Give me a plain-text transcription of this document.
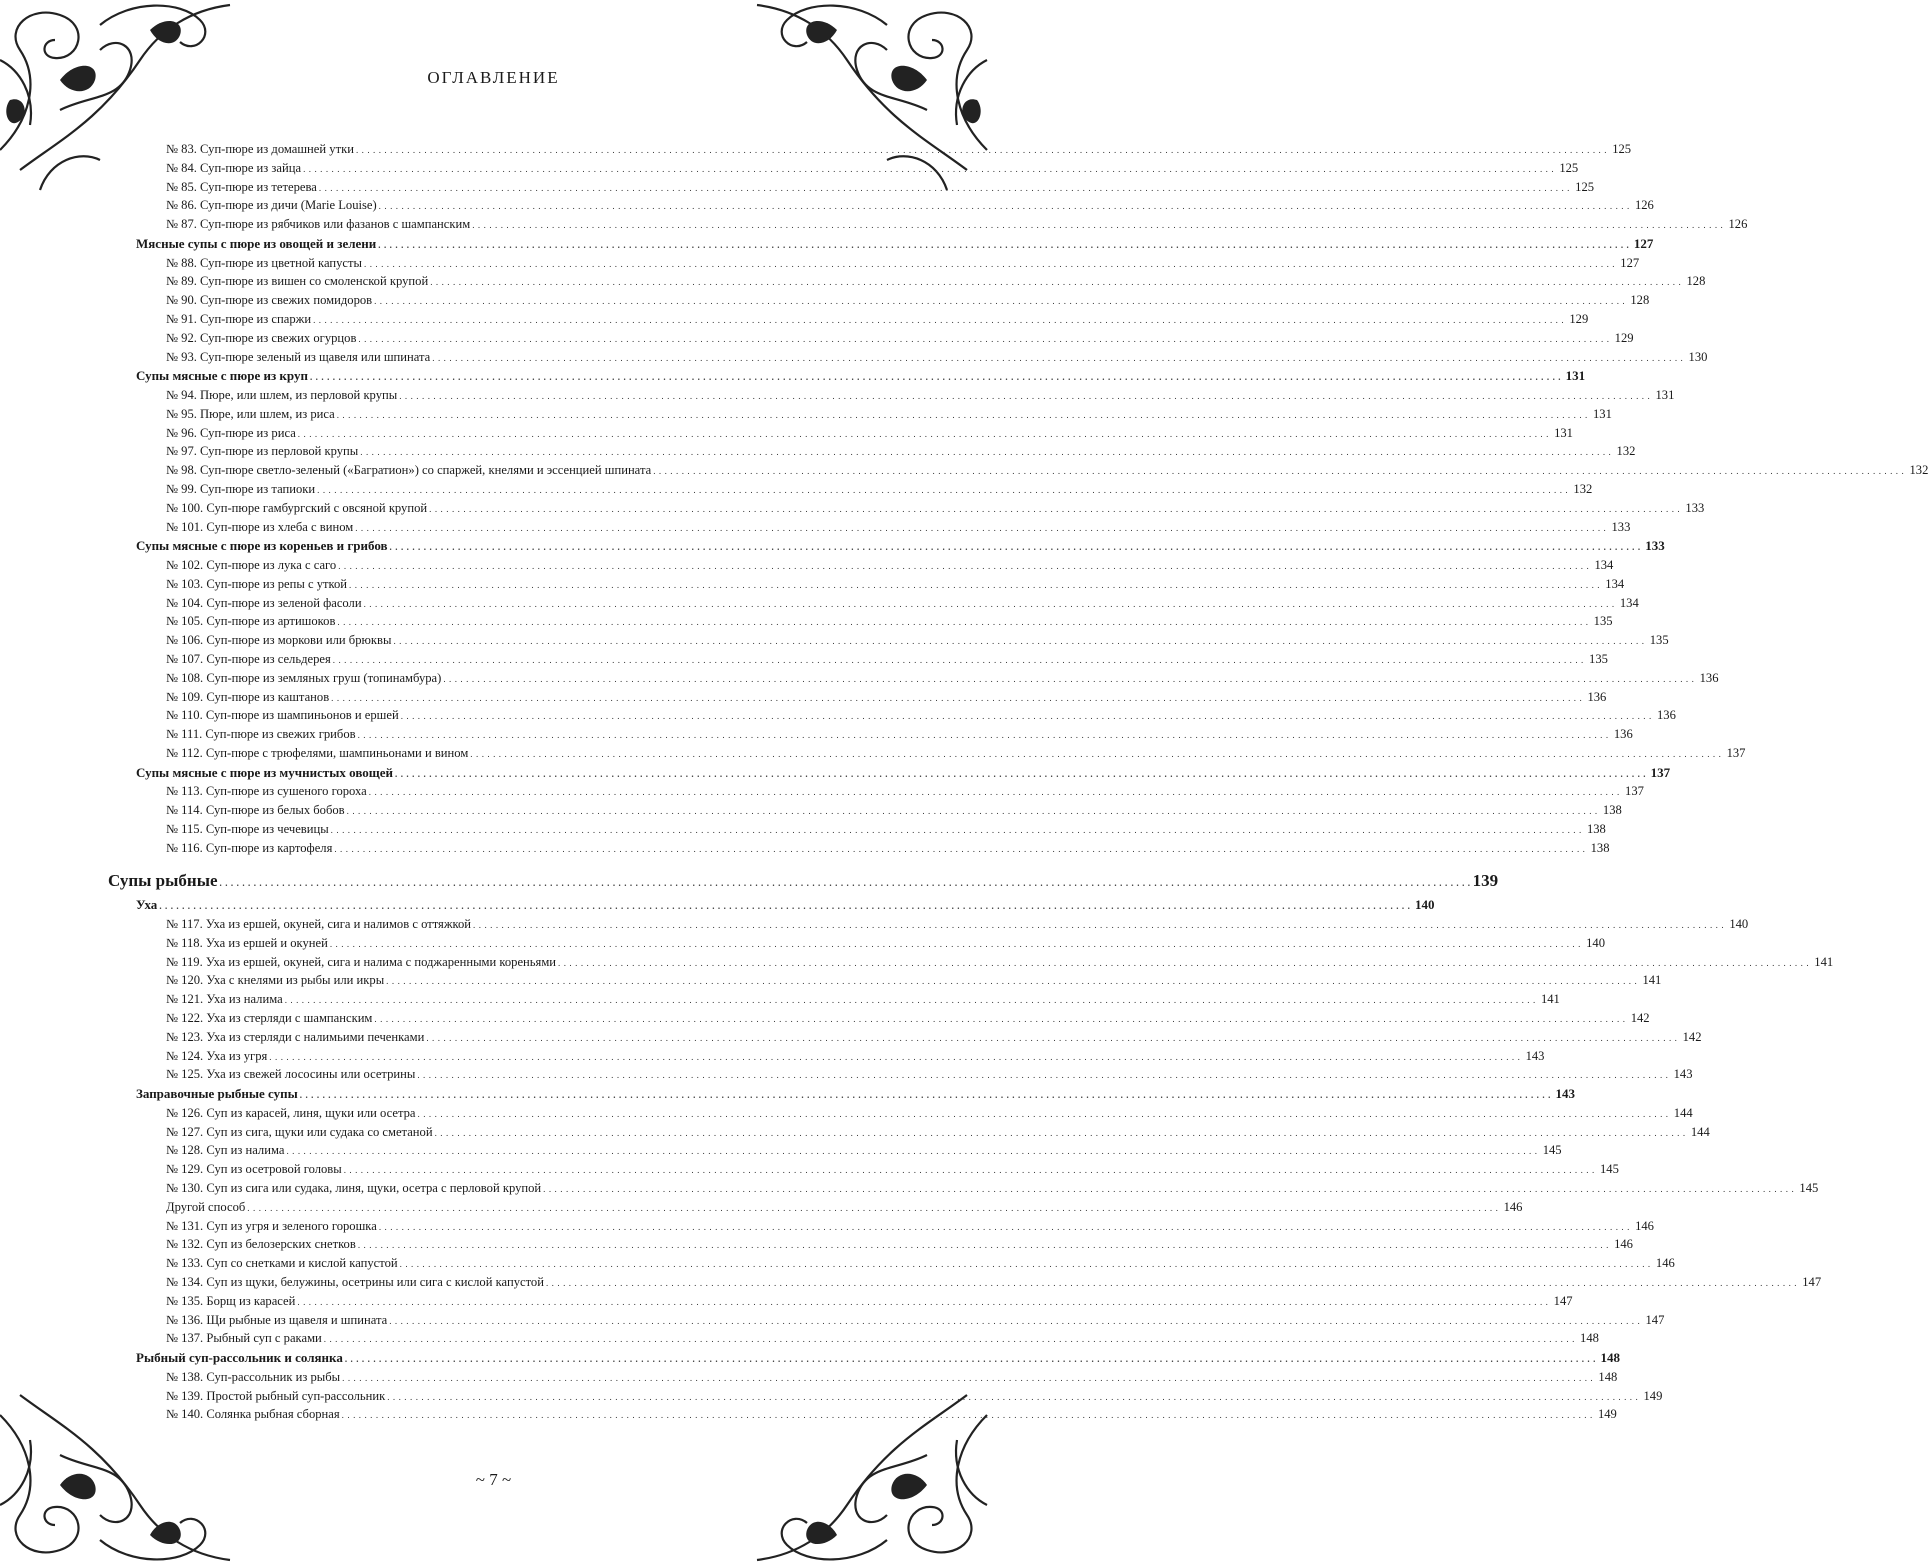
ОГЛАВЛЕНИЕ
№ 83. Суп-пюре из домашней утки . . . . . . . . . . . . . . . . . . . . . . . . . . . . . . . . . . . . . . . . . . . . . . . . . . . . . . . . . . . . . . . . . . . . . . . . . . . . . . . . . . . . . . . . . . . . . . . . . . . . . . . . . . . . . . . . . . . . . . . . . . . . . . . . . . . . . . . . . . . . . . . . . . . . . . . . . . . . . . . . . . . . . . . . . . . . . . . . . . . . . . . . . . . . . . . . . . . . . . . . . . . . . . . . . . . . . . . . . . . . 125
№ 84. Суп-пюре из зайца . . . . . . . . . . . . . . . . . . . . . . . . . . . . . . . . . . . . . . . . . . . . . . . . . . . . . . . . . . . . . . . . . . . . . . . . . . . . . . . . . . . . . . . . . . . . . . . . . . . . . . . . . . . . . . . . . . . . . . . . . . . . . . . . . . . . . . . . . . . . . . . . . . . . . . . . . . . . . . . . . . . . . . . . . . . . . . . . . . . . . . . . . . . . . . . . . . . . . . . . . . . . . . . . . . . . . . . . . . . . 125
№ 85. Суп-пюре из тетерева . . . . . . . . . . . . . . . . . . . . . . . . . . . . . . . . . . . . . . . . . . . . . . . . . . . . . . . . . . . . . . . . . . . . . . . . . . . . . . . . . . . . . . . . . . . . . . . . . . . . . . . . . . . . . . . . . . . . . . . . . . . . . . . . . . . . . . . . . . . . . . . . . . . . . . . . . . . . . . . . . . . . . . . . . . . . . . . . . . . . . . . . . . . . . . . . . . . . . . . . . . . . . . . . . . . . . . . . . . . . 125
№ 86. Суп-пюре из дичи (Marie Louise) . . . . . . . . . . . . . . . . . . . . . . . . . . . . . . . . . . . . . . . . . . . . . . . . . . . . . . . . . . . . . . . . . . . . . . . . . . . . . . . . . . . . . . . . . . . . . . . . . . . . . . . . . . . . . . . . . . . . . . . . . . . . . . . . . . . . . . . . . . . . . . . . . . . . . . . . . . . . . . . . . . . . . . . . . . . . . . . . . . . . . . . . . . . . . . . . . . . . . . . . . . . . . . . . . . . . . . . . . . . . 126
№ 87. Суп-пюре из рябчиков или фазанов с шампанским . . . . . . . . . . . . . . . . . . . . . . . . . . . . . . . . . . . . . . . . . . . . . . . . . . . . . . . . . . . . . . . . . . . . . . . . . . . . . . . . . . . . . . . . . . . . . . . . . . . . . . . . . . . . . . . . . . . . . . . . . . . . . . . . . . . . . . . . . . . . . . . . . . . . . . . . . . . . . . . . . . . . . . . . . . . . . . . . . . . . . . . . . . . . . . . . . . . . . . . . . . . . . . . . . . . . . . . . . . . . 126
Мясные супы с пюре из овощей и зелени . . . . . . . . . . . . . . . . . . . . . . . . . . . . . . . . . . . . . . . . . . . . . . . . . . . . . . . . . . . . . . . . . . . . . . . . . . . . . . . . . . . . . . . . . . . . . . . . . . . . . . . . . . . . . . . . . . . . . . . . . . . . . . . . . . . . . . . . . . . . . . . . . . . . . . . . . . . . . . . . . . . . . . . . . . . . . . . . . . . . . . . . . . . . . . . . . . . . . . . . . . . . . . . . . . . . . . . . . . . . 127
№ 88. Суп-пюре из цветной капусты . . . . . . . . . . . . . . . . . . . . . . . . . . . . . . . . . . . . . . . . . . . . . . . . . . . . . . . . . . . . . . . . . . . . . . . . . . . . . . . . . . . . . . . . . . . . . . . . . . . . . . . . . . . . . . . . . . . . . . . . . . . . . . . . . . . . . . . . . . . . . . . . . . . . . . . . . . . . . . . . . . . . . . . . . . . . . . . . . . . . . . . . . . . . . . . . . . . . . . . . . . . . . . . . . . . . . . . . . . . . 127
№ 89. Суп-пюре из вишен со смоленской крупой . . . . . . . . . . . . . . . . . . . . . . . . . . . . . . . . . . . . . . . . . . . . . . . . . . . . . . . . . . . . . . . . . . . . . . . . . . . . . . . . . . . . . . . . . . . . . . . . . . . . . . . . . . . . . . . . . . . . . . . . . . . . . . . . . . . . . . . . . . . . . . . . . . . . . . . . . . . . . . . . . . . . . . . . . . . . . . . . . . . . . . . . . . . . . . . . . . . . . . . . . . . . . . . . . . . . . . . . . . . . 128
№ 90. Суп-пюре из свежих помидоров . . . . . . . . . . . . . . . . . . . . . . . . . . . . . . . . . . . . . . . . . . . . . . . . . . . . . . . . . . . . . . . . . . . . . . . . . . . . . . . . . . . . . . . . . . . . . . . . . . . . . . . . . . . . . . . . . . . . . . . . . . . . . . . . . . . . . . . . . . . . . . . . . . . . . . . . . . . . . . . . . . . . . . . . . . . . . . . . . . . . . . . . . . . . . . . . . . . . . . . . . . . . . . . . . . . . . . . . . . . . 128
№ 91. Суп-пюре из спаржи . . . . . . . . . . . . . . . . . . . . . . . . . . . . . . . . . . . . . . . . . . . . . . . . . . . . . . . . . . . . . . . . . . . . . . . . . . . . . . . . . . . . . . . . . . . . . . . . . . . . . . . . . . . . . . . . . . . . . . . . . . . . . . . . . . . . . . . . . . . . . . . . . . . . . . . . . . . . . . . . . . . . . . . . . . . . . . . . . . . . . . . . . . . . . . . . . . . . . . . . . . . . . . . . . . . . . . . . . . . . 129
№ 92. Суп-пюре из свежих огурцов . . . . . . . . . . . . . . . . . . . . . . . . . . . . . . . . . . . . . . . . . . . . . . . . . . . . . . . . . . . . . . . . . . . . . . . . . . . . . . . . . . . . . . . . . . . . . . . . . . . . . . . . . . . . . . . . . . . . . . . . . . . . . . . . . . . . . . . . . . . . . . . . . . . . . . . . . . . . . . . . . . . . . . . . . . . . . . . . . . . . . . . . . . . . . . . . . . . . . . . . . . . . . . . . . . . . . . . . . . . . 129
№ 93. Суп-пюре зеленый из щавеля или шпината . . . . . . . . . . . . . . . . . . . . . . . . . . . . . . . . . . . . . . . . . . . . . . . . . . . . . . . . . . . . . . . . . . . . . . . . . . . . . . . . . . . . . . . . . . . . . . . . . . . . . . . . . . . . . . . . . . . . . . . . . . . . . . . . . . . . . . . . . . . . . . . . . . . . . . . . . . . . . . . . . . . . . . . . . . . . . . . . . . . . . . . . . . . . . . . . . . . . . . . . . . . . . . . . . . . . . . . . . . . . 130
Супы мясные с пюре из круп . . . . . . . . . . . . . . . . . . . . . . . . . . . . . . . . . . . . . . . . . . . . . . . . . . . . . . . . . . . . . . . . . . . . . . . . . . . . . . . . . . . . . . . . . . . . . . . . . . . . . . . . . . . . . . . . . . . . . . . . . . . . . . . . . . . . . . . . . . . . . . . . . . . . . . . . . . . . . . . . . . . . . . . . . . . . . . . . . . . . . . . . . . . . . . . . . . . . . . . . . . . . . . . . . . . . . . . . . . . . 131
№ 94. Пюре, или шлем, из перловой крупы . . . . . . . . . . . . . . . . . . . . . . . . . . . . . . . . . . . . . . . . . . . . . . . . . . . . . . . . . . . . . . . . . . . . . . . . . . . . . . . . . . . . . . . . . . . . . . . . . . . . . . . . . . . . . . . . . . . . . . . . . . . . . . . . . . . . . . . . . . . . . . . . . . . . . . . . . . . . . . . . . . . . . . . . . . . . . . . . . . . . . . . . . . . . . . . . . . . . . . . . . . . . . . . . . . . . . . . . . . . . 131
№ 95. Пюре, или шлем, из риса . . . . . . . . . . . . . . . . . . . . . . . . . . . . . . . . . . . . . . . . . . . . . . . . . . . . . . . . . . . . . . . . . . . . . . . . . . . . . . . . . . . . . . . . . . . . . . . . . . . . . . . . . . . . . . . . . . . . . . . . . . . . . . . . . . . . . . . . . . . . . . . . . . . . . . . . . . . . . . . . . . . . . . . . . . . . . . . . . . . . . . . . . . . . . . . . . . . . . . . . . . . . . . . . . . . . . . . . . . . . 131
№ 96. Суп-пюре из риса . . . . . . . . . . . . . . . . . . . . . . . . . . . . . . . . . . . . . . . . . . . . . . . . . . . . . . . . . . . . . . . . . . . . . . . . . . . . . . . . . . . . . . . . . . . . . . . . . . . . . . . . . . . . . . . . . . . . . . . . . . . . . . . . . . . . . . . . . . . . . . . . . . . . . . . . . . . . . . . . . . . . . . . . . . . . . . . . . . . . . . . . . . . . . . . . . . . . . . . . . . . . . . . . . . . . . . . . . . . . 131
№ 97. Суп-пюре из перловой крупы . . . . . . . . . . . . . . . . . . . . . . . . . . . . . . . . . . . . . . . . . . . . . . . . . . . . . . . . . . . . . . . . . . . . . . . . . . . . . . . . . . . . . . . . . . . . . . . . . . . . . . . . . . . . . . . . . . . . . . . . . . . . . . . . . . . . . . . . . . . . . . . . . . . . . . . . . . . . . . . . . . . . . . . . . . . . . . . . . . . . . . . . . . . . . . . . . . . . . . . . . . . . . . . . . . . . . . . . . . . . 132
№ 98. Суп-пюре светло-зеленый («Багратион») со спаржей, кнелями и эссенцией шпината . . . . . . . . . . . . . . . . . . . . . . . . . . . . . . . . . . . . . . . . . . . . . . . . . . . . . . . . . . . . . . . . . . . . . . . . . . . . . . . . . . . . . . . . . . . . . . . . . . . . . . . . . . . . . . . . . . . . . . . . . . . . . . . . . . . . . . . . . . . . . . . . . . . . . . . . . . . . . . . . . . . . . . . . . . . . . . . . . . . . . . . . . . . . . . . . . . . . . . . . . . . . . . . . . . . . . . . . . . . . 132
№ 99. Суп-пюре из тапиоки . . . . . . . . . . . . . . . . . . . . . . . . . . . . . . . . . . . . . . . . . . . . . . . . . . . . . . . . . . . . . . . . . . . . . . . . . . . . . . . . . . . . . . . . . . . . . . . . . . . . . . . . . . . . . . . . . . . . . . . . . . . . . . . . . . . . . . . . . . . . . . . . . . . . . . . . . . . . . . . . . . . . . . . . . . . . . . . . . . . . . . . . . . . . . . . . . . . . . . . . . . . . . . . . . . . . . . . . . . . . 132
№ 100. Суп-пюре гамбургский с овсяной крупой . . . . . . . . . . . . . . . . . . . . . . . . . . . . . . . . . . . . . . . . . . . . . . . . . . . . . . . . . . . . . . . . . . . . . . . . . . . . . . . . . . . . . . . . . . . . . . . . . . . . . . . . . . . . . . . . . . . . . . . . . . . . . . . . . . . . . . . . . . . . . . . . . . . . . . . . . . . . . . . . . . . . . . . . . . . . . . . . . . . . . . . . . . . . . . . . . . . . . . . . . . . . . . . . . . . . . . . . . . . . 133
№ 101. Суп-пюре из хлеба с вином . . . . . . . . . . . . . . . . . . . . . . . . . . . . . . . . . . . . . . . . . . . . . . . . . . . . . . . . . . . . . . . . . . . . . . . . . . . . . . . . . . . . . . . . . . . . . . . . . . . . . . . . . . . . . . . . . . . . . . . . . . . . . . . . . . . . . . . . . . . . . . . . . . . . . . . . . . . . . . . . . . . . . . . . . . . . . . . . . . . . . . . . . . . . . . . . . . . . . . . . . . . . . . . . . . . . . . . . . . . . 133
Супы мясные с пюре из кореньев и грибов . . . . . . . . . . . . . . . . . . . . . . . . . . . . . . . . . . . . . . . . . . . . . . . . . . . . . . . . . . . . . . . . . . . . . . . . . . . . . . . . . . . . . . . . . . . . . . . . . . . . . . . . . . . . . . . . . . . . . . . . . . . . . . . . . . . . . . . . . . . . . . . . . . . . . . . . . . . . . . . . . . . . . . . . . . . . . . . . . . . . . . . . . . . . . . . . . . . . . . . . . . . . . . . . . . . . . . . . . . . . 133
№ 102. Суп-пюре из лука с саго . . . . . . . . . . . . . . . . . . . . . . . . . . . . . . . . . . . . . . . . . . . . . . . . . . . . . . . . . . . . . . . . . . . . . . . . . . . . . . . . . . . . . . . . . . . . . . . . . . . . . . . . . . . . . . . . . . . . . . . . . . . . . . . . . . . . . . . . . . . . . . . . . . . . . . . . . . . . . . . . . . . . . . . . . . . . . . . . . . . . . . . . . . . . . . . . . . . . . . . . . . . . . . . . . . . . . . . . . . . . 134
№ 103. Суп-пюре из репы с уткой . . . . . . . . . . . . . . . . . . . . . . . . . . . . . . . . . . . . . . . . . . . . . . . . . . . . . . . . . . . . . . . . . . . . . . . . . . . . . . . . . . . . . . . . . . . . . . . . . . . . . . . . . . . . . . . . . . . . . . . . . . . . . . . . . . . . . . . . . . . . . . . . . . . . . . . . . . . . . . . . . . . . . . . . . . . . . . . . . . . . . . . . . . . . . . . . . . . . . . . . . . . . . . . . . . . . . . . . . . . . 134
№ 104. Суп-пюре из зеленой фасоли . . . . . . . . . . . . . . . . . . . . . . . . . . . . . . . . . . . . . . . . . . . . . . . . . . . . . . . . . . . . . . . . . . . . . . . . . . . . . . . . . . . . . . . . . . . . . . . . . . . . . . . . . . . . . . . . . . . . . . . . . . . . . . . . . . . . . . . . . . . . . . . . . . . . . . . . . . . . . . . . . . . . . . . . . . . . . . . . . . . . . . . . . . . . . . . . . . . . . . . . . . . . . . . . . . . . . . . . . . . . 134
№ 105. Суп-пюре из артишоков . . . . . . . . . . . . . . . . . . . . . . . . . . . . . . . . . . . . . . . . . . . . . . . . . . . . . . . . . . . . . . . . . . . . . . . . . . . . . . . . . . . . . . . . . . . . . . . . . . . . . . . . . . . . . . . . . . . . . . . . . . . . . . . . . . . . . . . . . . . . . . . . . . . . . . . . . . . . . . . . . . . . . . . . . . . . . . . . . . . . . . . . . . . . . . . . . . . . . . . . . . . . . . . . . . . . . . . . . . . . 135
№ 106. Суп-пюре из моркови или брюквы . . . . . . . . . . . . . . . . . . . . . . . . . . . . . . . . . . . . . . . . . . . . . . . . . . . . . . . . . . . . . . . . . . . . . . . . . . . . . . . . . . . . . . . . . . . . . . . . . . . . . . . . . . . . . . . . . . . . . . . . . . . . . . . . . . . . . . . . . . . . . . . . . . . . . . . . . . . . . . . . . . . . . . . . . . . . . . . . . . . . . . . . . . . . . . . . . . . . . . . . . . . . . . . . . . . . . . . . . . . . 135
№ 107. Суп-пюре из сельдерея . . . . . . . . . . . . . . . . . . . . . . . . . . . . . . . . . . . . . . . . . . . . . . . . . . . . . . . . . . . . . . . . . . . . . . . . . . . . . . . . . . . . . . . . . . . . . . . . . . . . . . . . . . . . . . . . . . . . . . . . . . . . . . . . . . . . . . . . . . . . . . . . . . . . . . . . . . . . . . . . . . . . . . . . . . . . . . . . . . . . . . . . . . . . . . . . . . . . . . . . . . . . . . . . . . . . . . . . . . . . 135
№ 108. Суп-пюре из земляных груш (топинамбура) . . . . . . . . . . . . . . . . . . . . . . . . . . . . . . . . . . . . . . . . . . . . . . . . . . . . . . . . . . . . . . . . . . . . . . . . . . . . . . . . . . . . . . . . . . . . . . . . . . . . . . . . . . . . . . . . . . . . . . . . . . . . . . . . . . . . . . . . . . . . . . . . . . . . . . . . . . . . . . . . . . . . . . . . . . . . . . . . . . . . . . . . . . . . . . . . . . . . . . . . . . . . . . . . . . . . . . . . . . . . 136
№ 109. Суп-пюре из каштанов . . . . . . . . . . . . . . . . . . . . . . . . . . . . . . . . . . . . . . . . . . . . . . . . . . . . . . . . . . . . . . . . . . . . . . . . . . . . . . . . . . . . . . . . . . . . . . . . . . . . . . . . . . . . . . . . . . . . . . . . . . . . . . . . . . . . . . . . . . . . . . . . . . . . . . . . . . . . . . . . . . . . . . . . . . . . . . . . . . . . . . . . . . . . . . . . . . . . . . . . . . . . . . . . . . . . . . . . . . . . 136
№ 110. Суп-пюре из шампиньонов и ершей . . . . . . . . . . . . . . . . . . . . . . . . . . . . . . . . . . . . . . . . . . . . . . . . . . . . . . . . . . . . . . . . . . . . . . . . . . . . . . . . . . . . . . . . . . . . . . . . . . . . . . . . . . . . . . . . . . . . . . . . . . . . . . . . . . . . . . . . . . . . . . . . . . . . . . . . . . . . . . . . . . . . . . . . . . . . . . . . . . . . . . . . . . . . . . . . . . . . . . . . . . . . . . . . . . . . . . . . . . . . 136
№ 111. Суп-пюре из свежих грибов . . . . . . . . . . . . . . . . . . . . . . . . . . . . . . . . . . . . . . . . . . . . . . . . . . . . . . . . . . . . . . . . . . . . . . . . . . . . . . . . . . . . . . . . . . . . . . . . . . . . . . . . . . . . . . . . . . . . . . . . . . . . . . . . . . . . . . . . . . . . . . . . . . . . . . . . . . . . . . . . . . . . . . . . . . . . . . . . . . . . . . . . . . . . . . . . . . . . . . . . . . . . . . . . . . . . . . . . . . . . 136
№ 112. Суп-пюре с трюфелями, шампиньонами и вином . . . . . . . . . . . . . . . . . . . . . . . . . . . . . . . . . . . . . . . . . . . . . . . . . . . . . . . . . . . . . . . . . . . . . . . . . . . . . . . . . . . . . . . . . . . . . . . . . . . . . . . . . . . . . . . . . . . . . . . . . . . . . . . . . . . . . . . . . . . . . . . . . . . . . . . . . . . . . . . . . . . . . . . . . . . . . . . . . . . . . . . . . . . . . . . . . . . . . . . . . . . . . . . . . . . . . . . . . . . . 137
Супы мясные с пюре из мучнистых овощей . . . . . . . . . . . . . . . . . . . . . . . . . . . . . . . . . . . . . . . . . . . . . . . . . . . . . . . . . . . . . . . . . . . . . . . . . . . . . . . . . . . . . . . . . . . . . . . . . . . . . . . . . . . . . . . . . . . . . . . . . . . . . . . . . . . . . . . . . . . . . . . . . . . . . . . . . . . . . . . . . . . . . . . . . . . . . . . . . . . . . . . . . . . . . . . . . . . . . . . . . . . . . . . . . . . . . . . . . . . . 137
№ 113. Суп-пюре из сушеного гороха . . . . . . . . . . . . . . . . . . . . . . . . . . . . . . . . . . . . . . . . . . . . . . . . . . . . . . . . . . . . . . . . . . . . . . . . . . . . . . . . . . . . . . . . . . . . . . . . . . . . . . . . . . . . . . . . . . . . . . . . . . . . . . . . . . . . . . . . . . . . . . . . . . . . . . . . . . . . . . . . . . . . . . . . . . . . . . . . . . . . . . . . . . . . . . . . . . . . . . . . . . . . . . . . . . . . . . . . . . . . 137
№ 114. Суп-пюре из белых бобов . . . . . . . . . . . . . . . . . . . . . . . . . . . . . . . . . . . . . . . . . . . . . . . . . . . . . . . . . . . . . . . . . . . . . . . . . . . . . . . . . . . . . . . . . . . . . . . . . . . . . . . . . . . . . . . . . . . . . . . . . . . . . . . . . . . . . . . . . . . . . . . . . . . . . . . . . . . . . . . . . . . . . . . . . . . . . . . . . . . . . . . . . . . . . . . . . . . . . . . . . . . . . . . . . . . . . . . . . . . . 138
№ 115. Суп-пюре из чечевицы . . . . . . . . . . . . . . . . . . . . . . . . . . . . . . . . . . . . . . . . . . . . . . . . . . . . . . . . . . . . . . . . . . . . . . . . . . . . . . . . . . . . . . . . . . . . . . . . . . . . . . . . . . . . . . . . . . . . . . . . . . . . . . . . . . . . . . . . . . . . . . . . . . . . . . . . . . . . . . . . . . . . . . . . . . . . . . . . . . . . . . . . . . . . . . . . . . . . . . . . . . . . . . . . . . . . . . . . . . . . 138
№ 116. Суп-пюре из картофеля . . . . . . . . . . . . . . . . . . . . . . . . . . . . . . . . . . . . . . . . . . . . . . . . . . . . . . . . . . . . . . . . . . . . . . . . . . . . . . . . . . . . . . . . . . . . . . . . . . . . . . . . . . . . . . . . . . . . . . . . . . . . . . . . . . . . . . . . . . . . . . . . . . . . . . . . . . . . . . . . . . . . . . . . . . . . . . . . . . . . . . . . . . . . . . . . . . . . . . . . . . . . . . . . . . . . . . . . . . . . 138
Супы рыбные . . . . . . . . . . . . . . . . . . . . . . . . . . . . . . . . . . . . . . . . . . . . . . . . . . . . . . . . . . . . . . . . . . . . . . . . . . . . . . . . . . . . . . . . . . . . . . . . . . . . . . . . . . . . . . . . . . . . . . . . . . . . . . . . . . . . . . . . . . . . . . . . . . . . . . . . . . . . . . . . . . . . . . . . . . . . . . . . . . . . . . . . . . . . . . . . . . . . . . . . . . . . . . . . . . . . . . . . . . . . 139
Уха . . . . . . . . . . . . . . . . . . . . . . . . . . . . . . . . . . . . . . . . . . . . . . . . . . . . . . . . . . . . . . . . . . . . . . . . . . . . . . . . . . . . . . . . . . . . . . . . . . . . . . . . . . . . . . . . . . . . . . . . . . . . . . . . . . . . . . . . . . . . . . . . . . . . . . . . . . . . . . . . . . . . . . . . . . . . . . . . . . . . . . . . . . . . . . . . . . . . . . . . . . . . . . . . . . . . . . . . . . . . 140
№ 117. Уха из ершей, окуней, сига и налимов с оттяжкой . . . . . . . . . . . . . . . . . . . . . . . . . . . . . . . . . . . . . . . . . . . . . . . . . . . . . . . . . . . . . . . . . . . . . . . . . . . . . . . . . . . . . . . . . . . . . . . . . . . . . . . . . . . . . . . . . . . . . . . . . . . . . . . . . . . . . . . . . . . . . . . . . . . . . . . . . . . . . . . . . . . . . . . . . . . . . . . . . . . . . . . . . . . . . . . . . . . . . . . . . . . . . . . . . . . . . . . . . . . . 140
№ 118. Уха из ершей и окуней . . . . . . . . . . . . . . . . . . . . . . . . . . . . . . . . . . . . . . . . . . . . . . . . . . . . . . . . . . . . . . . . . . . . . . . . . . . . . . . . . . . . . . . . . . . . . . . . . . . . . . . . . . . . . . . . . . . . . . . . . . . . . . . . . . . . . . . . . . . . . . . . . . . . . . . . . . . . . . . . . . . . . . . . . . . . . . . . . . . . . . . . . . . . . . . . . . . . . . . . . . . . . . . . . . . . . . . . . . . . 140
№ 119. Уха из ершей, окуней, сига и налима с поджаренными кореньями . . . . . . . . . . . . . . . . . . . . . . . . . . . . . . . . . . . . . . . . . . . . . . . . . . . . . . . . . . . . . . . . . . . . . . . . . . . . . . . . . . . . . . . . . . . . . . . . . . . . . . . . . . . . . . . . . . . . . . . . . . . . . . . . . . . . . . . . . . . . . . . . . . . . . . . . . . . . . . . . . . . . . . . . . . . . . . . . . . . . . . . . . . . . . . . . . . . . . . . . . . . . . . . . . . . . . . . . . . . . 141
№ 120. Уха с кнелями из рыбы или икры . . . . . . . . . . . . . . . . . . . . . . . . . . . . . . . . . . . . . . . . . . . . . . . . . . . . . . . . . . . . . . . . . . . . . . . . . . . . . . . . . . . . . . . . . . . . . . . . . . . . . . . . . . . . . . . . . . . . . . . . . . . . . . . . . . . . . . . . . . . . . . . . . . . . . . . . . . . . . . . . . . . . . . . . . . . . . . . . . . . . . . . . . . . . . . . . . . . . . . . . . . . . . . . . . . . . . . . . . . . . 141
№ 121. Уха из налима . . . . . . . . . . . . . . . . . . . . . . . . . . . . . . . . . . . . . . . . . . . . . . . . . . . . . . . . . . . . . . . . . . . . . . . . . . . . . . . . . . . . . . . . . . . . . . . . . . . . . . . . . . . . . . . . . . . . . . . . . . . . . . . . . . . . . . . . . . . . . . . . . . . . . . . . . . . . . . . . . . . . . . . . . . . . . . . . . . . . . . . . . . . . . . . . . . . . . . . . . . . . . . . . . . . . . . . . . . . . 141
№ 122. Уха из стерляди с шампанским . . . . . . . . . . . . . . . . . . . . . . . . . . . . . . . . . . . . . . . . . . . . . . . . . . . . . . . . . . . . . . . . . . . . . . . . . . . . . . . . . . . . . . . . . . . . . . . . . . . . . . . . . . . . . . . . . . . . . . . . . . . . . . . . . . . . . . . . . . . . . . . . . . . . . . . . . . . . . . . . . . . . . . . . . . . . . . . . . . . . . . . . . . . . . . . . . . . . . . . . . . . . . . . . . . . . . . . . . . . . 142
№ 123. Уха из стерляди с налимьими печенками . . . . . . . . . . . . . . . . . . . . . . . . . . . . . . . . . . . . . . . . . . . . . . . . . . . . . . . . . . . . . . . . . . . . . . . . . . . . . . . . . . . . . . . . . . . . . . . . . . . . . . . . . . . . . . . . . . . . . . . . . . . . . . . . . . . . . . . . . . . . . . . . . . . . . . . . . . . . . . . . . . . . . . . . . . . . . . . . . . . . . . . . . . . . . . . . . . . . . . . . . . . . . . . . . . . . . . . . . . . . 142
№ 124. Уха из угря . . . . . . . . . . . . . . . . . . . . . . . . . . . . . . . . . . . . . . . . . . . . . . . . . . . . . . . . . . . . . . . . . . . . . . . . . . . . . . . . . . . . . . . . . . . . . . . . . . . . . . . . . . . . . . . . . . . . . . . . . . . . . . . . . . . . . . . . . . . . . . . . . . . . . . . . . . . . . . . . . . . . . . . . . . . . . . . . . . . . . . . . . . . . . . . . . . . . . . . . . . . . . . . . . . . . . . . . . . . . 143
№ 125. Уха из свежей лососины или осетрины . . . . . . . . . . . . . . . . . . . . . . . . . . . . . . . . . . . . . . . . . . . . . . . . . . . . . . . . . . . . . . . . . . . . . . . . . . . . . . . . . . . . . . . . . . . . . . . . . . . . . . . . . . . . . . . . . . . . . . . . . . . . . . . . . . . . . . . . . . . . . . . . . . . . . . . . . . . . . . . . . . . . . . . . . . . . . . . . . . . . . . . . . . . . . . . . . . . . . . . . . . . . . . . . . . . . . . . . . . . . 143
Заправочные рыбные супы . . . . . . . . . . . . . . . . . . . . . . . . . . . . . . . . . . . . . . . . . . . . . . . . . . . . . . . . . . . . . . . . . . . . . . . . . . . . . . . . . . . . . . . . . . . . . . . . . . . . . . . . . . . . . . . . . . . . . . . . . . . . . . . . . . . . . . . . . . . . . . . . . . . . . . . . . . . . . . . . . . . . . . . . . . . . . . . . . . . . . . . . . . . . . . . . . . . . . . . . . . . . . . . . . . . . . . . . . . . . 143
№ 126. Суп из карасей, линя, щуки или осетра . . . . . . . . . . . . . . . . . . . . . . . . . . . . . . . . . . . . . . . . . . . . . . . . . . . . . . . . . . . . . . . . . . . . . . . . . . . . . . . . . . . . . . . . . . . . . . . . . . . . . . . . . . . . . . . . . . . . . . . . . . . . . . . . . . . . . . . . . . . . . . . . . . . . . . . . . . . . . . . . . . . . . . . . . . . . . . . . . . . . . . . . . . . . . . . . . . . . . . . . . . . . . . . . . . . . . . . . . . . . 144
№ 127. Суп из сига, щуки или судака со сметаной . . . . . . . . . . . . . . . . . . . . . . . . . . . . . . . . . . . . . . . . . . . . . . . . . . . . . . . . . . . . . . . . . . . . . . . . . . . . . . . . . . . . . . . . . . . . . . . . . . . . . . . . . . . . . . . . . . . . . . . . . . . . . . . . . . . . . . . . . . . . . . . . . . . . . . . . . . . . . . . . . . . . . . . . . . . . . . . . . . . . . . . . . . . . . . . . . . . . . . . . . . . . . . . . . . . . . . . . . . . . 144
№ 128. Суп из налима . . . . . . . . . . . . . . . . . . . . . . . . . . . . . . . . . . . . . . . . . . . . . . . . . . . . . . . . . . . . . . . . . . . . . . . . . . . . . . . . . . . . . . . . . . . . . . . . . . . . . . . . . . . . . . . . . . . . . . . . . . . . . . . . . . . . . . . . . . . . . . . . . . . . . . . . . . . . . . . . . . . . . . . . . . . . . . . . . . . . . . . . . . . . . . . . . . . . . . . . . . . . . . . . . . . . . . . . . . . . 145
№ 129. Суп из осетровой головы . . . . . . . . . . . . . . . . . . . . . . . . . . . . . . . . . . . . . . . . . . . . . . . . . . . . . . . . . . . . . . . . . . . . . . . . . . . . . . . . . . . . . . . . . . . . . . . . . . . . . . . . . . . . . . . . . . . . . . . . . . . . . . . . . . . . . . . . . . . . . . . . . . . . . . . . . . . . . . . . . . . . . . . . . . . . . . . . . . . . . . . . . . . . . . . . . . . . . . . . . . . . . . . . . . . . . . . . . . . . 145
№ 130. Суп из сига или судака, линя, щуки, осетра с перловой крупой . . . . . . . . . . . . . . . . . . . . . . . . . . . . . . . . . . . . . . . . . . . . . . . . . . . . . . . . . . . . . . . . . . . . . . . . . . . . . . . . . . . . . . . . . . . . . . . . . . . . . . . . . . . . . . . . . . . . . . . . . . . . . . . . . . . . . . . . . . . . . . . . . . . . . . . . . . . . . . . . . . . . . . . . . . . . . . . . . . . . . . . . . . . . . . . . . . . . . . . . . . . . . . . . . . . . . . . . . . . . 145
Другой способ . . . . . . . . . . . . . . . . . . . . . . . . . . . . . . . . . . . . . . . . . . . . . . . . . . . . . . . . . . . . . . . . . . . . . . . . . . . . . . . . . . . . . . . . . . . . . . . . . . . . . . . . . . . . . . . . . . . . . . . . . . . . . . . . . . . . . . . . . . . . . . . . . . . . . . . . . . . . . . . . . . . . . . . . . . . . . . . . . . . . . . . . . . . . . . . . . . . . . . . . . . . . . . . . . . . . . . . . . . . . 146
№ 131. Суп из угря и зеленого горошка . . . . . . . . . . . . . . . . . . . . . . . . . . . . . . . . . . . . . . . . . . . . . . . . . . . . . . . . . . . . . . . . . . . . . . . . . . . . . . . . . . . . . . . . . . . . . . . . . . . . . . . . . . . . . . . . . . . . . . . . . . . . . . . . . . . . . . . . . . . . . . . . . . . . . . . . . . . . . . . . . . . . . . . . . . . . . . . . . . . . . . . . . . . . . . . . . . . . . . . . . . . . . . . . . . . . . . . . . . . . 146
№ 132. Суп из белозерских снетков . . . . . . . . . . . . . . . . . . . . . . . . . . . . . . . . . . . . . . . . . . . . . . . . . . . . . . . . . . . . . . . . . . . . . . . . . . . . . . . . . . . . . . . . . . . . . . . . . . . . . . . . . . . . . . . . . . . . . . . . . . . . . . . . . . . . . . . . . . . . . . . . . . . . . . . . . . . . . . . . . . . . . . . . . . . . . . . . . . . . . . . . . . . . . . . . . . . . . . . . . . . . . . . . . . . . . . . . . . . . 146
№ 133. Суп со снетками и кислой капустой . . . . . . . . . . . . . . . . . . . . . . . . . . . . . . . . . . . . . . . . . . . . . . . . . . . . . . . . . . . . . . . . . . . . . . . . . . . . . . . . . . . . . . . . . . . . . . . . . . . . . . . . . . . . . . . . . . . . . . . . . . . . . . . . . . . . . . . . . . . . . . . . . . . . . . . . . . . . . . . . . . . . . . . . . . . . . . . . . . . . . . . . . . . . . . . . . . . . . . . . . . . . . . . . . . . . . . . . . . . . 146
№ 134. Суп из щуки, белужины, осетрины или сига с кислой капустой . . . . . . . . . . . . . . . . . . . . . . . . . . . . . . . . . . . . . . . . . . . . . . . . . . . . . . . . . . . . . . . . . . . . . . . . . . . . . . . . . . . . . . . . . . . . . . . . . . . . . . . . . . . . . . . . . . . . . . . . . . . . . . . . . . . . . . . . . . . . . . . . . . . . . . . . . . . . . . . . . . . . . . . . . . . . . . . . . . . . . . . . . . . . . . . . . . . . . . . . . . . . . . . . . . . . . . . . . . . . 147
№ 135. Борщ из карасей . . . . . . . . . . . . . . . . . . . . . . . . . . . . . . . . . . . . . . . . . . . . . . . . . . . . . . . . . . . . . . . . . . . . . . . . . . . . . . . . . . . . . . . . . . . . . . . . . . . . . . . . . . . . . . . . . . . . . . . . . . . . . . . . . . . . . . . . . . . . . . . . . . . . . . . . . . . . . . . . . . . . . . . . . . . . . . . . . . . . . . . . . . . . . . . . . . . . . . . . . . . . . . . . . . . . . . . . . . . . 147
№ 136. Щи рыбные из щавеля и шпината . . . . . . . . . . . . . . . . . . . . . . . . . . . . . . . . . . . . . . . . . . . . . . . . . . . . . . . . . . . . . . . . . . . . . . . . . . . . . . . . . . . . . . . . . . . . . . . . . . . . . . . . . . . . . . . . . . . . . . . . . . . . . . . . . . . . . . . . . . . . . . . . . . . . . . . . . . . . . . . . . . . . . . . . . . . . . . . . . . . . . . . . . . . . . . . . . . . . . . . . . . . . . . . . . . . . . . . . . . . . 147
№ 137. Рыбный суп с раками . . . . . . . . . . . . . . . . . . . . . . . . . . . . . . . . . . . . . . . . . . . . . . . . . . . . . . . . . . . . . . . . . . . . . . . . . . . . . . . . . . . . . . . . . . . . . . . . . . . . . . . . . . . . . . . . . . . . . . . . . . . . . . . . . . . . . . . . . . . . . . . . . . . . . . . . . . . . . . . . . . . . . . . . . . . . . . . . . . . . . . . . . . . . . . . . . . . . . . . . . . . . . . . . . . . . . . . . . . . . 148
Рыбный суп-рассольник и солянка . . . . . . . . . . . . . . . . . . . . . . . . . . . . . . . . . . . . . . . . . . . . . . . . . . . . . . . . . . . . . . . . . . . . . . . . . . . . . . . . . . . . . . . . . . . . . . . . . . . . . . . . . . . . . . . . . . . . . . . . . . . . . . . . . . . . . . . . . . . . . . . . . . . . . . . . . . . . . . . . . . . . . . . . . . . . . . . . . . . . . . . . . . . . . . . . . . . . . . . . . . . . . . . . . . . . . . . . . . . . 148
№ 138. Суп-рассольник из рыбы . . . . . . . . . . . . . . . . . . . . . . . . . . . . . . . . . . . . . . . . . . . . . . . . . . . . . . . . . . . . . . . . . . . . . . . . . . . . . . . . . . . . . . . . . . . . . . . . . . . . . . . . . . . . . . . . . . . . . . . . . . . . . . . . . . . . . . . . . . . . . . . . . . . . . . . . . . . . . . . . . . . . . . . . . . . . . . . . . . . . . . . . . . . . . . . . . . . . . . . . . . . . . . . . . . . . . . . . . . . . 148
№ 139. Простой рыбный суп-рассольник . . . . . . . . . . . . . . . . . . . . . . . . . . . . . . . . . . . . . . . . . . . . . . . . . . . . . . . . . . . . . . . . . . . . . . . . . . . . . . . . . . . . . . . . . . . . . . . . . . . . . . . . . . . . . . . . . . . . . . . . . . . . . . . . . . . . . . . . . . . . . . . . . . . . . . . . . . . . . . . . . . . . . . . . . . . . . . . . . . . . . . . . . . . . . . . . . . . . . . . . . . . . . . . . . . . . . . . . . . . . 149
№ 140. Солянка рыбная сборная . . . . . . . . . . . . . . . . . . . . . . . . . . . . . . . . . . . . . . . . . . . . . . . . . . . . . . . . . . . . . . . . . . . . . . . . . . . . . . . . . . . . . . . . . . . . . . . . . . . . . . . . . . . . . . . . . . . . . . . . . . . . . . . . . . . . . . . . . . . . . . . . . . . . . . . . . . . . . . . . . . . . . . . . . . . . . . . . . . . . . . . . . . . . . . . . . . . . . . . . . . . . . . . . . . . . . . . . . . . . 149
~ 7 ~
